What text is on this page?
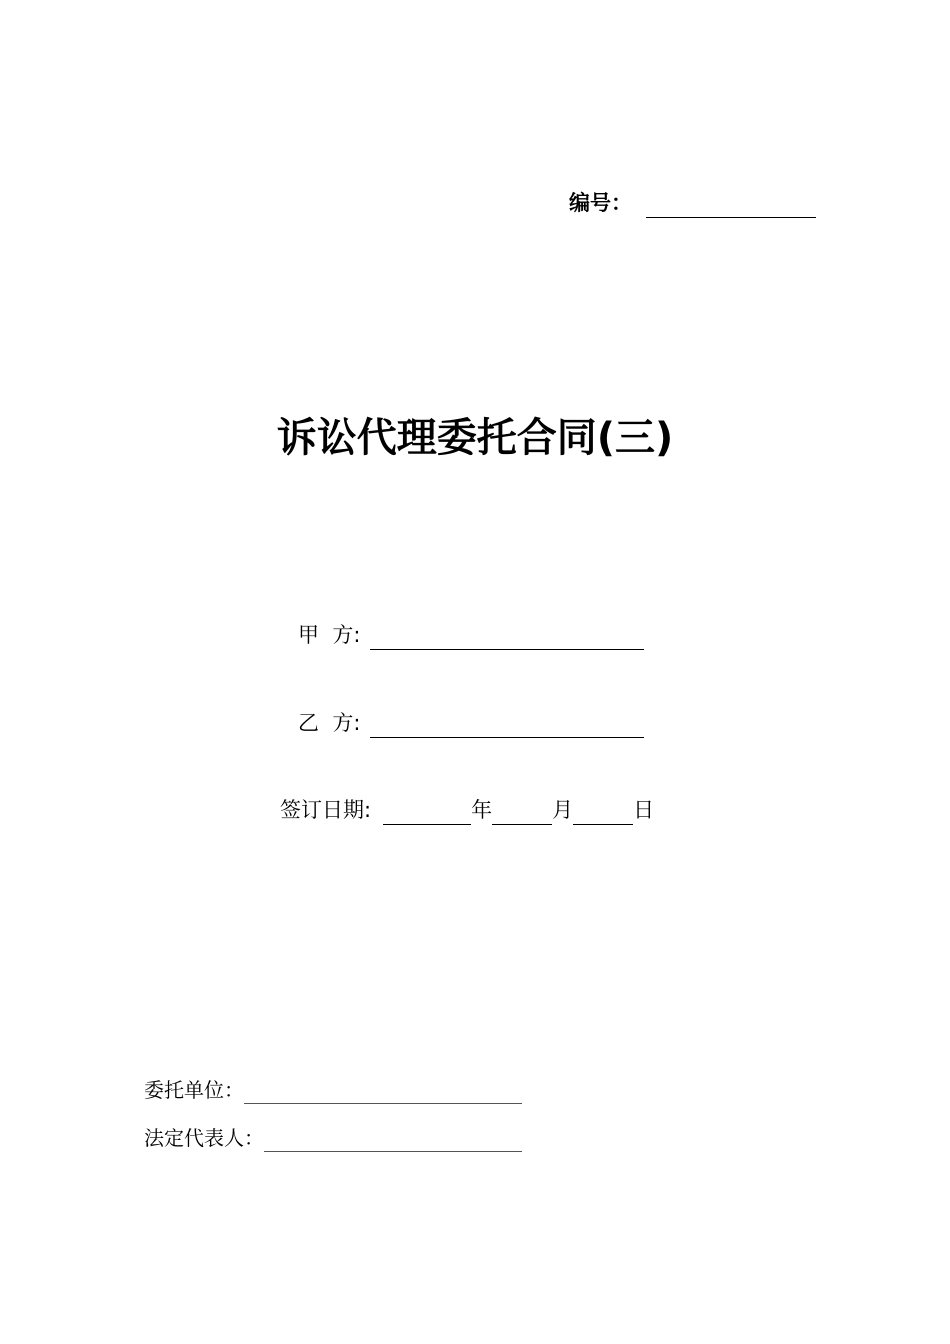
编号：
诉讼代理委托合同(三)
甲  方:
乙  方:
签订日期:	年	月	日
委托单位：
法定代表人：
